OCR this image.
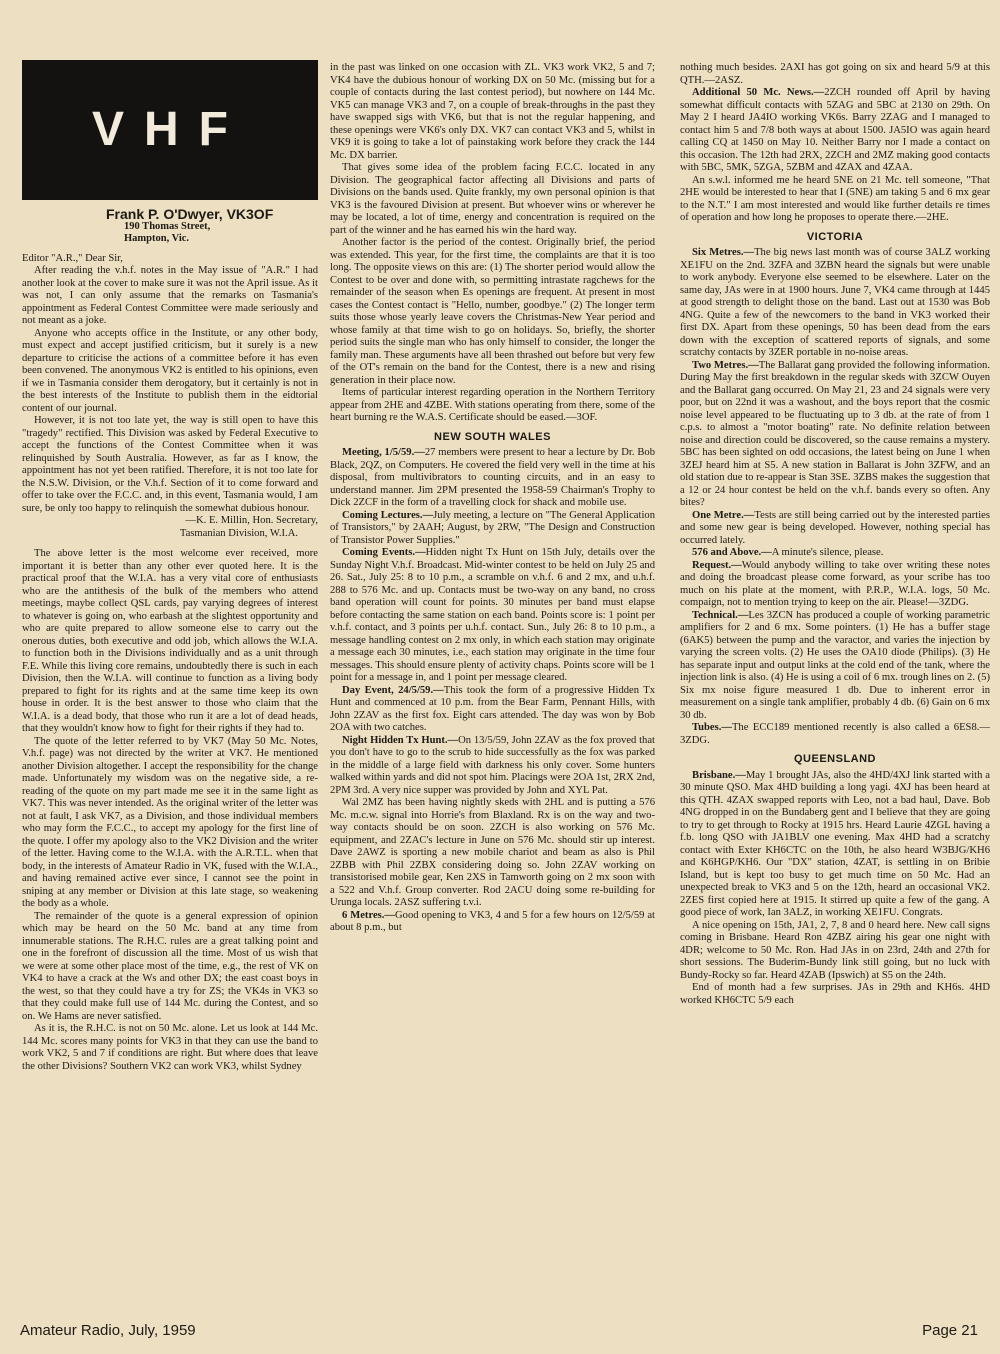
VHF
Frank P. O'Dwyer, VK3OF
190 Thomas Street,
Hampton, Vic.

Editor "A.R.," Dear Sir,

After reading the v.h.f. notes in the May issue of "A.R." I had another look at the cover to make sure it was not the April issue. As it was not, I can only assume that the remarks on Tasmania's appointment as Federal Contest Committee were made seriously and not meant as a joke.

Anyone who accepts office in the Institute, or any other body, must expect and accept justified criticism, but it surely is a new departure to criticise the actions of a committee before it has even been convened. The anonymous VK2 is entitled to his opinions, even if we in Tasmania consider them derogatory, but it certainly is not in the best interests of the Institute to publish them in the eidtorial content of our journal.

However, it is not too late yet, the way is still open to have this "tragedy" rectified. This Division was asked by Federal Executive to accept the functions of the Contest Committee when it was relinquished by South Australia. However, as far as I know, the appointment has not yet been ratified. Therefore, it is not too late for the N.S.W. Division, or the V.h.f. Section of it to come forward and offer to take over the F.C.C. and, in this event, Tasmania would, I am sure, be only too happy to relinquish the somewhat dubious honour.

—K. E. Millin, Hon. Secretary,

Tasmanian Division, W.I.A.

The above letter is the most welcome ever received, more important it is better than any other ever quoted here. It is the practical proof that the W.I.A. has a very vital core of enthusiasts who are the antithesis of the bulk of the members who attend meetings, maybe collect QSL cards, pay varying degrees of interest to whatever is going on, who earbash at the slightest opportunity and who are quite prepared to allow someone else to carry out the onerous duties, both executive and odd job, which allows the W.I.A. to function both in the Divisions individually and as a unit through F.E. While this living core remains, undoubtedly there is such in each Division, then the W.I.A. will continue to function as a living body prepared to fight for its rights and at the same time keep its own house in order. It is the best answer to those who claim that the W.I.A. is a dead body, that those who run it are a lot of dead heads, that they wouldn't know how to fight for their rights if they had to.

The quote of the letter referred to by VK7 (May 50 Mc. Notes, V.h.f. page) was not directed by the writer at VK7. He mentioned another Division altogether. I accept the responsibility for the change made. Unfortunately my wisdom was on the negative side, a re-reading of the quote on my part made me see it in the same light as VK7. This was never intended. As the original writer of the letter was not at fault, I ask VK7, as a Division, and those individual members who may form the F.C.C., to accept my apology for the first line of the quote. I offer my apology also to the VK2 Division and the writer of the letter. Having come to the W.I.A. with the A.R.T.L. when that body, in the interests of Amateur Radio in VK, fused with the W.I.A., and having remained active ever since, I cannot see the point in sniping at any member or Division at this late stage, so weakening the body as a whole.

The remainder of the quote is a general expression of opinion which may be heard on the 50 Mc. band at any time from innumerable stations. The R.H.C. rules are a great talking point and one in the forefront of discussion all the time. Most of us wish that we were at some other place most of the time, e.g., the rest of VK on VK4 to have a crack at the Ws and other DX; the east coast boys in the west, so that they could have a try for ZS; the VK4s in VK3 so that they could make full use of 144 Mc. during the Contest, and so on. We Hams are never satisfied.

As it is, the R.H.C. is not on 50 Mc. alone. Let us look at 144 Mc. 144 Mc. scores many points for VK3 in that they can use the band to work VK2, 5 and 7 if conditions are right. But where does that leave the other Divisions? Southern VK2 can work VK3, whilst Sydney

in the past was linked on one occasion with ZL. VK3 work VK2, 5 and 7; VK4 have the dubious honour of working DX on 50 Mc. (missing but for a couple of contacts during the last contest period), but nowhere on 144 Mc. VK5 can manage VK3 and 7, on a couple of break-throughs in the past they have swapped sigs with VK6, but that is not the regular happening, and these openings were VK6's only DX. VK7 can contact VK3 and 5, whilst in VK9 it is going to take a lot of painstaking work before they crack the 144 Mc. DX barrier.

That gives some idea of the problem facing F.C.C. located in any Division. The geographical factor affecting all Divisions and parts of Divisions on the bands used. Quite frankly, my own personal opinion is that VK3 is the favoured Division at present. But whoever wins or wherever he may be located, a lot of time, energy and concentration is required on the part of the winner and he has earned his win the hard way.

Another factor is the period of the contest. Originally brief, the period was extended. This year, for the first time, the complaints are that it is too long. The opposite views on this are: (1) The shorter period would allow the Contest to be over and done with, so permitting intrastate ragchews for the remainder of the season when Es openings are frequent. At present in most cases the Contest contact is "Hello, number, goodbye." (2) The longer term suits those whose yearly leave covers the Christmas-New Year period and whose family at that time wish to go on holidays. So, briefly, the shorter period suits the single man who has only himself to consider, the longer the family man. These arguments have all been thrashed out before but very few of the OT's remain on the band for the Contest, there is a new and rising generation in their place now.

Items of particular interest regarding operation in the Northern Territory appear from 2HE and 4ZBE. With stations operating from there, some of the heart burning re the W.A.S. Certificate should be eased.—3OF.

NEW SOUTH WALES

Meeting, 1/5/59.—27 members were present to hear a lecture by Dr. Bob Black, 2QZ, on Computers. He covered the field very well in the time at his disposal, from multivibrators to counting circuits, and in an easy to understand manner. Jim 2PM presented the 1958-59 Chairman's Trophy to Dick 2ZCF in the form of a travelling clock for shack and mobile use.

Coming Lectures.—July meeting, a lecture on "The General Application of Transistors," by 2AAH; August, by 2RW, "The Design and Construction of Transistor Power Supplies."

Coming Events.—Hidden night Tx Hunt on 15th July, details over the Sunday Night V.h.f. Broadcast. Mid-winter contest to be held on July 25 and 26. Sat., July 25: 8 to 10 p.m., a scramble on v.h.f. 6 and 2 mx, and u.h.f. 288 to 576 Mc. and up. Contacts must be two-way on any band, no cross band operation will count for points. 30 minutes per band must elapse before contacting the same station on each band. Points score is: 1 point per v.h.f. contact, and 3 points per u.h.f. contact. Sun., July 26: 8 to 10 p.m., a message handling contest on 2 mx only, in which each station may originate a message each 30 minutes, i.e., each station may originate in the time four messages. This should ensure plenty of activity chaps. Points score will be 1 point for a message in, and 1 point per message cleared.

Day Event, 24/5/59.—This took the form of a progressive Hidden Tx Hunt and commenced at 10 p.m. from the Bear Farm, Pennant Hills, with John 2ZAV as the first fox. Eight cars attended. The day was won by Bob 2OA with two catches.

Night Hidden Tx Hunt.—On 13/5/59, John 2ZAV as the fox proved that you don't have to go to the scrub to hide successfully as the fox was parked in the middle of a large field with darkness his only cover. Some hunters walked within yards and did not spot him. Placings were 2OA 1st, 2RX 2nd, 2PM 3rd. A very nice supper was provided by John and XYL Pat.

Wal 2MZ has been having nightly skeds with 2HL and is putting a 576 Mc. m.c.w. signal into Horrie's from Blaxland. Rx is on the way and two-way contacts should be on soon. 2ZCH is also working on 576 Mc. equipment, and 2ZAC's lecture in June on 576 Mc. should stir up interest. Dave 2AWZ is sporting a new mobile chariot and beam as also is Phil 2ZBB with Phil 2ZBX considering doing so. John 2ZAV working on transistorised mobile gear, Ken 2XS in Tamworth going on 2 mx soon with a 522 and V.h.f. Group converter. Rod 2ACU doing some re-building for Urunga locals. 2ASZ suffering t.v.i.

6 Metres.—Good opening to VK3, 4 and 5 for a few hours on 12/5/59 at about 8 p.m., but

nothing much besides. 2AXI has got going on six and heard 5/9 at this QTH.—2ASZ.

Additional 50 Mc. News.—2ZCH rounded off April by having somewhat difficult contacts with 5ZAG and 5BC at 2130 on 29th. On May 2 I heard JA4IO working VK6s. Barry 2ZAG and I managed to contact him 5 and 7/8 both ways at about 1500. JA5IO was again heard calling CQ at 1450 on May 10. Neither Barry nor I made a contact on this occasion. The 12th had 2RX, 2ZCH and 2MZ making good contacts with 5BC, 5MK, 5ZGA, 5ZBM and 4ZAX and 4ZAA.

An s.w.l. informed me he heard 5NE on 21 Mc. tell someone, "That 2HE would be interested to hear that I (5NE) am taking 5 and 6 mx gear to the N.T." I am most interested and would like further details re times of operation and how long he proposes to operate there.—2HE.

VICTORIA

Six Metres.—The big news last month was of course 3ALZ working XE1FU on the 2nd. 3ZFA and 3ZBN heard the signals but were unable to work anybody. Everyone else seemed to be elsewhere. Later on the same day, JAs were in at 1900 hours. June 7, VK4 came through at 1445 at good strength to delight those on the band. Last out at 1530 was Bob 4NG. Quite a few of the newcomers to the band in VK3 worked their first DX. Apart from these openings, 50 has been dead from the ears down with the exception of scattered reports of signals, and some scratchy contacts by 3ZER portable in no-noise areas.

Two Metres.—The Ballarat gang provided the following information. During May the first breakdown in the regular skeds with 3ZCW Ouyen and the Ballarat gang occurred. On May 21, 23 and 24 signals were very poor, but on 22nd it was a washout, and the boys report that the cosmic noise level appeared to be fluctuating up to 3 db. at the rate of from 1 c.p.s. to almost a "motor boating" rate. No definite relation between noise and direction could be discovered, so the cause remains a mystery. 5BC has been sighted on odd occasions, the latest being on June 1 when 3ZEJ heard him at S5. A new station in Ballarat is John 3ZFW, and an old station due to re-appear is Stan 3SE. 3ZBS makes the suggestion that a 12 or 24 hour contest be held on the v.h.f. bands every so often. Any bites?

One Metre.—Tests are still being carried out by the interested parties and some new gear is being developed. However, nothing special has occurred lately.

576 and Above.—A minute's silence, please.

Request.—Would anybody willing to take over writing these notes and doing the broadcast please come forward, as your scribe has too much on his plate at the moment, with P.R.P., W.I.A. logs, 50 Mc. compaign, not to mention trying to keep on the air. Please!—3ZDG.

Technical.—Les 3ZCN has produced a couple of working parametric amplifiers for 2 and 6 mx. Some pointers. (1) He has a buffer stage (6AK5) between the pump and the varactor, and varies the injection by varying the screen volts. (2) He uses the OA10 diode (Philips). (3) He has separate input and output links at the cold end of the tank, where the injection link is also. (4) He is using a coil of 6 mx. trough lines on 2. (5) Six mx noise figure measured 1 db. Due to inherent error in measurement on a single tank amplifier, probably 4 db. (6) Gain on 6 mx 30 db.

Tubes.—The ECC189 mentioned recently is also called a 6ES8.—3ZDG.

QUEENSLAND

Brisbane.—May 1 brought JAs, also the 4HD/4XJ link started with a 30 minute QSO. Max 4HD building a long yagi. 4XJ has been heard at this QTH. 4ZAX swapped reports with Leo, not a bad haul, Dave. Bob 4NG dropped in on the Bundaberg gent and I believe that they are going to try to get through to Rocky at 1915 hrs. Heard Laurie 4ZGL having a f.b. long QSO with JA1BLV one evening. Max 4HD had a scratchy contact with Exter KH6CTC on the 10th, he also heard W3BJG/KH6 and K6HGP/KH6. Our "DX" station, 4ZAT, is settling in on Bribie Island, but is kept too busy to get much time on 50 Mc. Had an unexpected break to VK3 and 5 on the 12th, heard an occasional VK2. 2ZES first copied here at 1915. It stirred up quite a few of the gang. A good piece of work, Ian 3ALZ, in working XE1FU. Congrats.

A nice opening on 15th, JA1, 2, 7, 8 and 0 heard here. New call signs coming in Brisbane. Heard Ron 4ZBZ airing his gear one night with 4DR; welcome to 50 Mc. Ron. Had JAs in on 23rd, 24th and 27th for short sessions. The Buderim-Bundy link still going, but no luck with Bundy-Rocky so far. Heard 4ZAB (Ipswich) at S5 on the 24th.

End of month had a few surprises. JAs in 29th and KH6s. 4HD worked KH6CTC 5/9 each

Amateur Radio, July, 1959	Page 21
